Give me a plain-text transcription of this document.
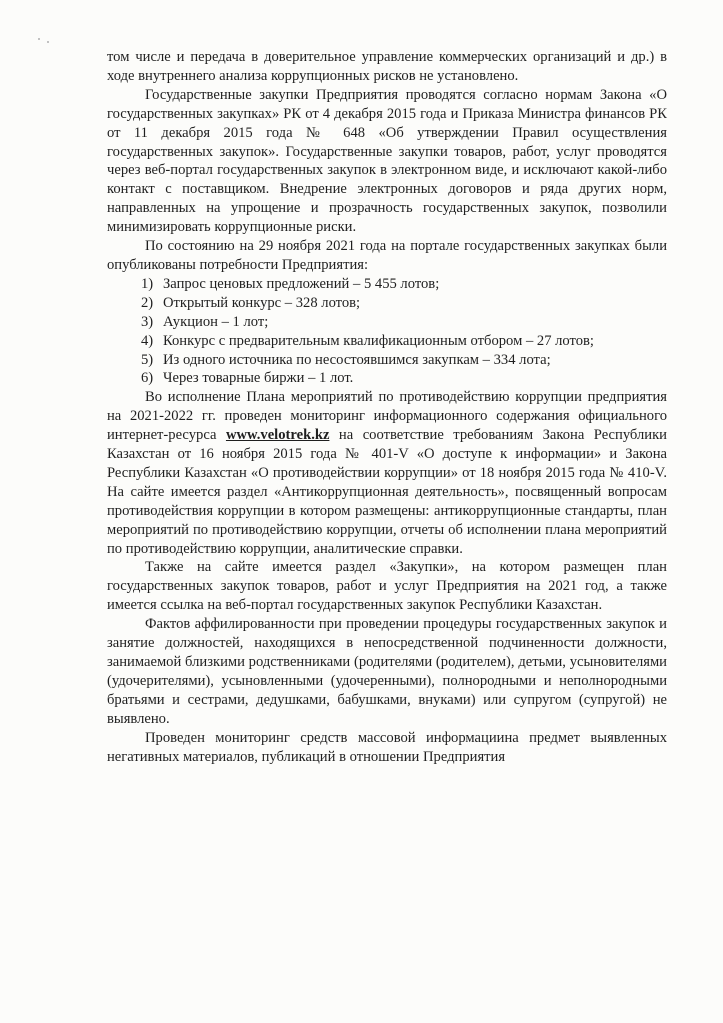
том числе и передача в доверительное управление коммерческих организаций и др.) в ходе внутреннего анализа коррупционных рисков не установлено.

Государственные закупки Предприятия проводятся согласно нормам Закона «О государственных закупках» РК от 4 декабря 2015 года и Приказа Министра финансов РК от 11 декабря 2015 года № 648 «Об утверждении Правил осуществления государственных закупок». Государственные закупки товаров, работ, услуг проводятся через веб-портал государственных закупок в электронном виде, и исключают какой-либо контакт с поставщиком. Внедрение электронных договоров и ряда других норм, направленных на упрощение и прозрачность государственных закупок, позволили минимизировать коррупционные риски.

По состоянию на 29 ноября 2021 года на портале государственных закупках были опубликованы потребности Предприятия:

1) Запрос ценовых предложений – 5 455 лотов;
2) Открытый конкурс – 328 лотов;
3) Аукцион – 1 лот;
4) Конкурс с предварительным квалификационным отбором – 27 лотов;
5) Из одного источника по несостоявшимся закупкам – 334 лота;
6) Через товарные биржи – 1 лот.

Во исполнение Плана мероприятий по противодействию коррупции предприятия на 2021-2022 гг. проведен мониторинг информационного содержания официального интернет-ресурса www.velotrek.kz на соответствие требованиям Закона Республики Казахстан от 16 ноября 2015 года № 401-V «О доступе к информации» и Закона Республики Казахстан «О противодействии коррупции» от 18 ноября 2015 года № 410-V. На сайте имеется раздел «Антикоррупционная деятельность», посвященный вопросам противодействия коррупции в котором размещены: антикоррупционные стандарты, план мероприятий по противодействию коррупции, отчеты об исполнении плана мероприятий по противодействию коррупции, аналитические справки.

Также на сайте имеется раздел «Закупки», на котором размещен план государственных закупок товаров, работ и услуг Предприятия на 2021 год, а также имеется ссылка на веб-портал государственных закупок Республики Казахстан.

Фактов аффилированности при проведении процедуры государственных закупок и занятие должностей, находящихся в непосредственной подчиненности должности, занимаемой близкими родственниками (родителями (родителем), детьми, усыновителями (удочерителями), усыновленными (удочеренными), полнородными и неполнородными братьями и сестрами, дедушками, бабушками, внуками) или супругом (супругой) не выявлено.

Проведен мониторинг средств массовой информациина предмет выявленных негативных материалов, публикаций в отношении Предприятия
